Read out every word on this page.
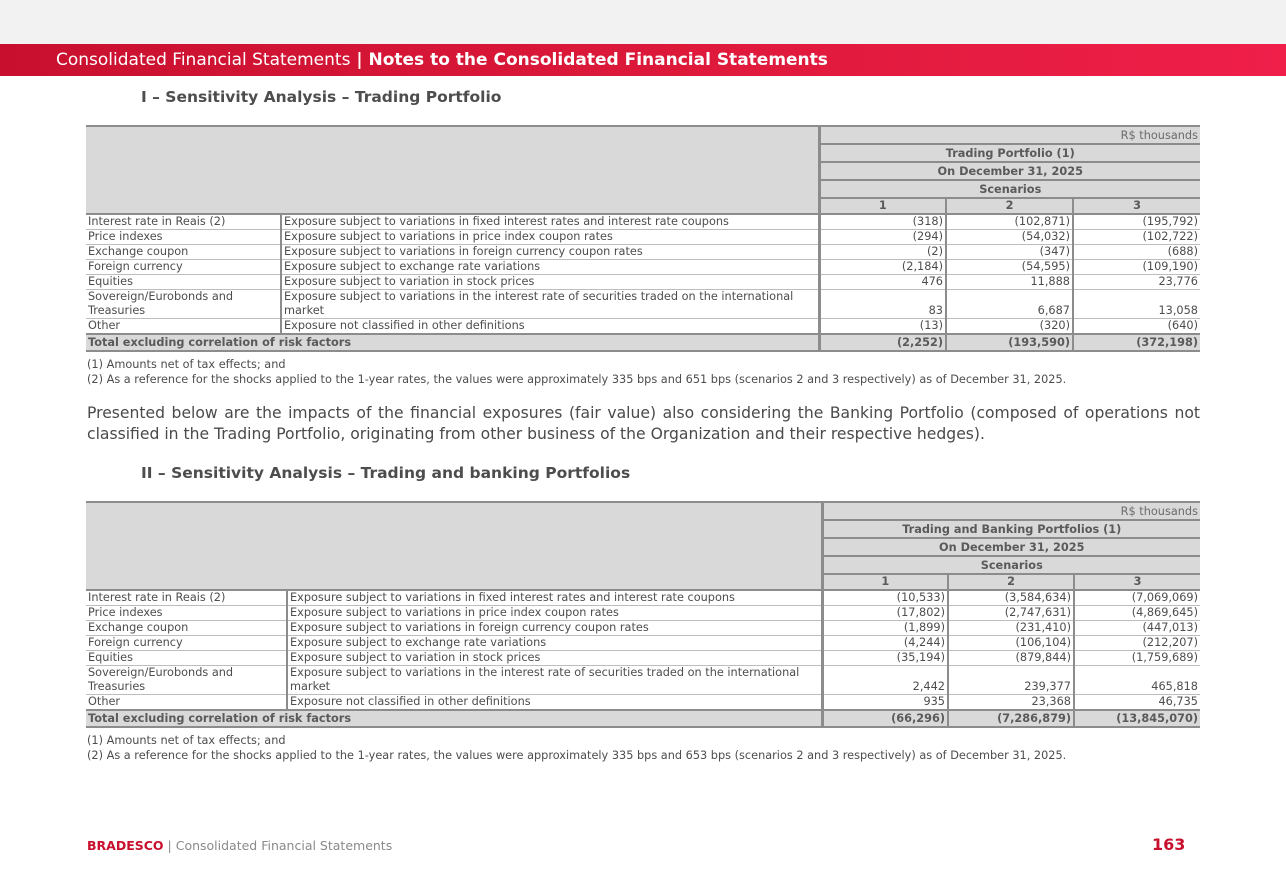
Consolidated Financial Statements | Notes to the Consolidated Financial Statements
I – Sensitivity Analysis – Trading Portfolio
		R$ thousands		
		Trading Portfolio (1)		
		On December 31, 2025		
		Scenarios		
		1	2	3
Interest rate in Reais (2)	Exposure subject to variations in fixed interest rates and interest rate coupons	(318)	(102,871)	(195,792)
Price indexes	Exposure subject to variations in price index coupon rates	(294)	(54,032)	(102,722)
Exchange coupon	Exposure subject to variations in foreign currency coupon rates	(2)	(347)	(688)
Foreign currency	Exposure subject to exchange rate variations	(2,184)	(54,595)	(109,190)
Equities	Exposure subject to variation in stock prices	476	11,888	23,776
Sovereign/Eurobonds and Treasuries	Exposure subject to variations in the interest rate of securities traded on the international market	83	6,687	13,058
Other	Exposure not classified in other definitions	(13)	(320)	(640)
Total excluding correlation of risk factors		(2,252)	(193,590)	(372,198)
(1) Amounts net of tax effects; and
(2) As a reference for the shocks applied to the 1-year rates, the values were approximately 335 bps and 651 bps (scenarios 2 and 3 respectively) as of December 31, 2025.
Presented below are the impacts of the financial exposures (fair value) also considering the Banking Portfolio (composed of operations not classified in the Trading Portfolio, originating from other business of the Organization and their respective hedges).
II – Sensitivity Analysis – Trading and banking Portfolios
		R$ thousands		
		Trading and Banking Portfolios (1)		
		On December 31, 2025		
		Scenarios		
		1	2	3
Interest rate in Reais (2)	Exposure subject to variations in fixed interest rates and interest rate coupons	(10,533)	(3,584,634)	(7,069,069)
Price indexes	Exposure subject to variations in price index coupon rates	(17,802)	(2,747,631)	(4,869,645)
Exchange coupon	Exposure subject to variations in foreign currency coupon rates	(1,899)	(231,410)	(447,013)
Foreign currency	Exposure subject to exchange rate variations	(4,244)	(106,104)	(212,207)
Equities	Exposure subject to variation in stock prices	(35,194)	(879,844)	(1,759,689)
Sovereign/Eurobonds and Treasuries	Exposure subject to variations in the interest rate of securities traded on the international market	2,442	239,377	465,818
Other	Exposure not classified in other definitions	935	23,368	46,735
Total excluding correlation of risk factors		(66,296)	(7,286,879)	(13,845,070)
(1) Amounts net of tax effects; and
(2) As a reference for the shocks applied to the 1-year rates, the values were approximately 335 bps and 653 bps (scenarios 2 and 3 respectively) as of December 31, 2025.
BRADESCO | Consolidated Financial Statements	163
